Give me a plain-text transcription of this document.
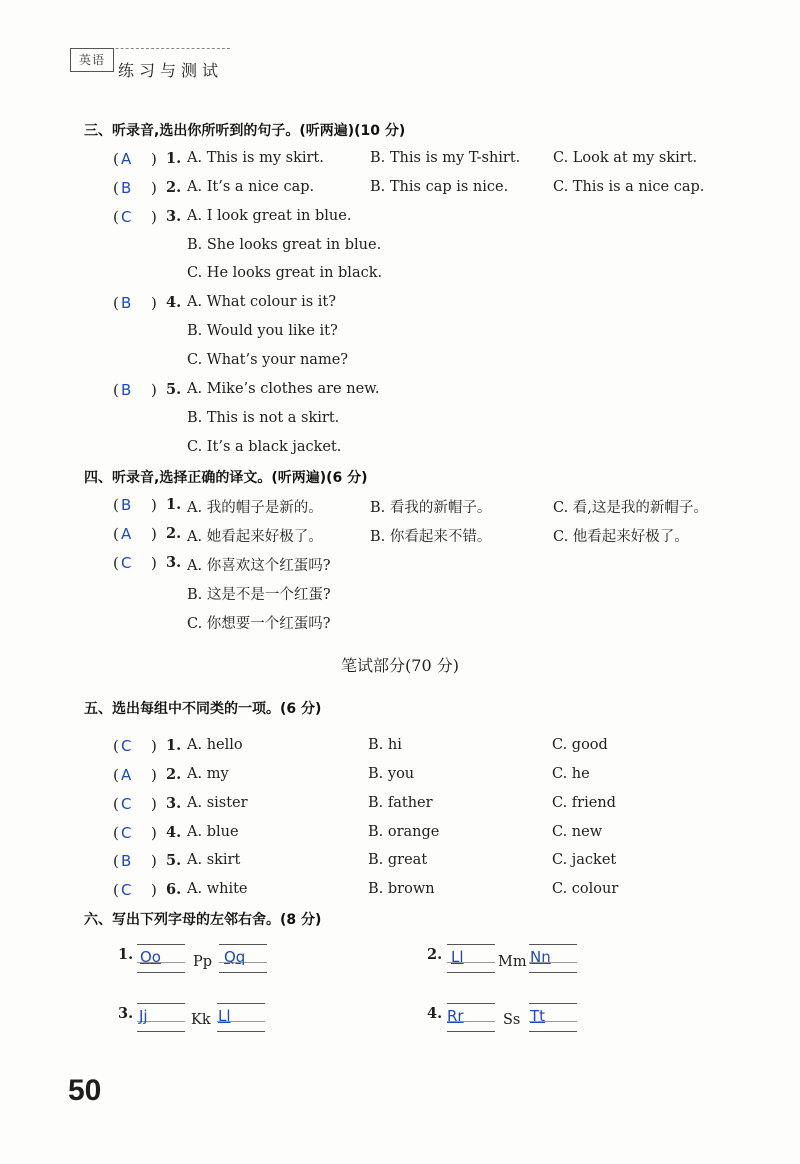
英语
练习与测试
三、听录音,选出你所听到的句子。(听两遍)(10 分)
( A ) 1. A. This is my skirt.	B. This is my T-shirt. C. Look at my skirt.
( B ) 2. A. It’s a nice cap.	B. This cap is nice.	C. This is a nice cap.
( C ) 3. A. I look great in blue.
B. She looks great in blue.
C. He looks great in black.
( B ) 4. A. What colour is it?
B. Would you like it?
C. What’s your name?
( B ) 5. A. Mike’s clothes are new.
B. This is not a skirt.
C. It’s a black jacket.
四、听录音,选择正确的译文。(听两遍)(6 分)
( B ) 1. A. 我的帽子是新的。	B. 看我的新帽子。	C. 看,这是我的新帽子。
( A ) 2. A. 她看起来好极了。	B. 你看起来不错。	C. 他看起来好极了。
( C ) 3. A. 你喜欢这个红蛋吗?
B. 这是不是一个红蛋?
C. 你想要一个红蛋吗?
笔试部分(70 分)
五、选出每组中不同类的一项。(6 分)
( C ) 1. A. hello	B. hi	C. good
( A ) 2. A. my	B. you	C. he
( C ) 3. A. sister	B. father	C. friend
( C ) 4. A. blue	B. orange	C. new
( B ) 5. A. skirt	B. great	C. jacket
( C ) 6. A. white	B. brown	C. colour
六、写出下列字母的左邻右舍。(8 分)
1. Oo Pp Qq	2. Ll Mm Nn
3. Jj	Kk Ll	4. Rr	Ss Tt
50
